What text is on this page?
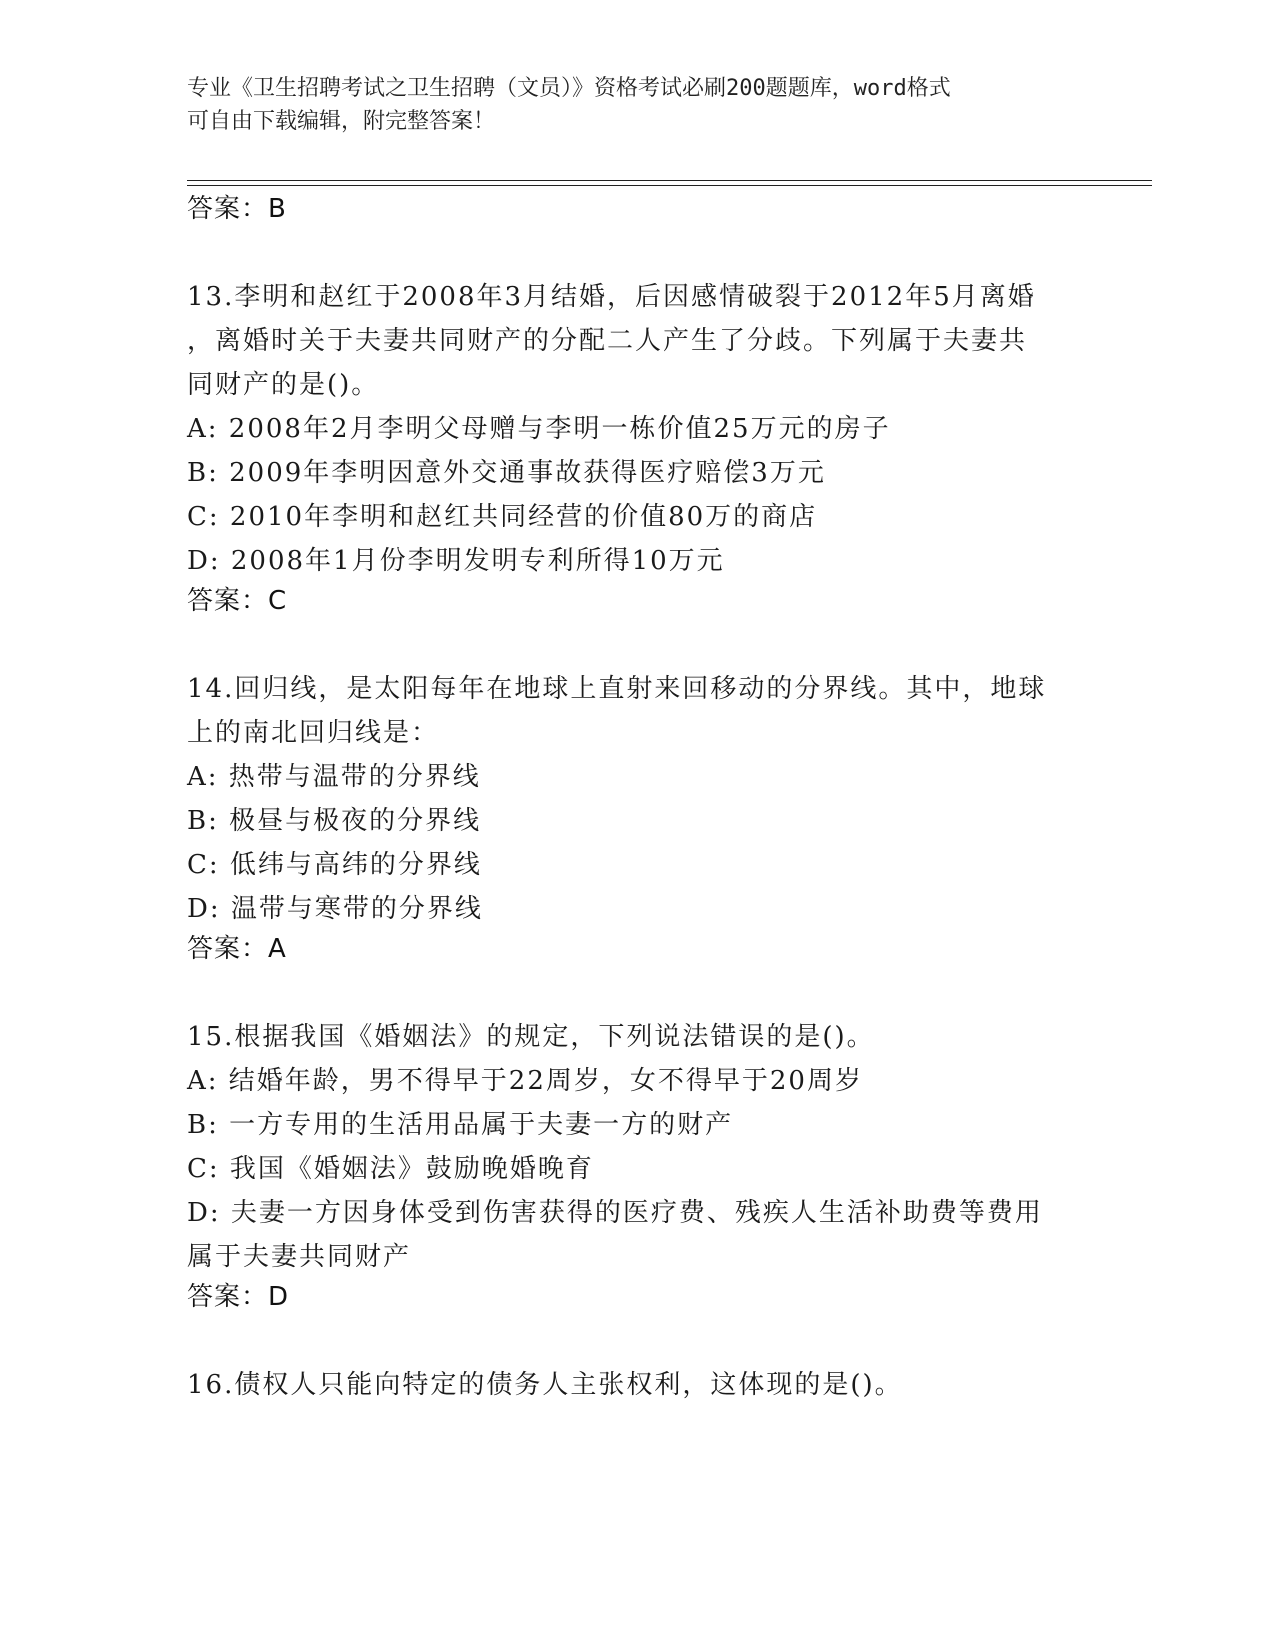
专业《卫生招聘考试之卫生招聘（文员）》资格考试必刷200题题库，word格式
可自由下载编辑，附完整答案！
答案：B
13.李明和赵红于2008年3月结婚，后因感情破裂于2012年5月离婚
，离婚时关于夫妻共同财产的分配二人产生了分歧。下列属于夫妻共
同财产的是()。
A: 2008年2月李明父母赠与李明一栋价值25万元的房子
B: 2009年李明因意外交通事故获得医疗赔偿3万元
C: 2010年李明和赵红共同经营的价值80万的商店
D: 2008年1月份李明发明专利所得10万元
答案：C
14.回归线，是太阳每年在地球上直射来回移动的分界线。其中，地球
上的南北回归线是：
A: 热带与温带的分界线
B: 极昼与极夜的分界线
C: 低纬与高纬的分界线
D: 温带与寒带的分界线
答案：A
15.根据我国《婚姻法》的规定，下列说法错误的是()。
A: 结婚年龄，男不得早于22周岁，女不得早于20周岁
B: 一方专用的生活用品属于夫妻一方的财产
C: 我国《婚姻法》鼓励晚婚晚育
D: 夫妻一方因身体受到伤害获得的医疗费、残疾人生活补助费等费用
属于夫妻共同财产
答案：D
16.债权人只能向特定的债务人主张权利，这体现的是()。
